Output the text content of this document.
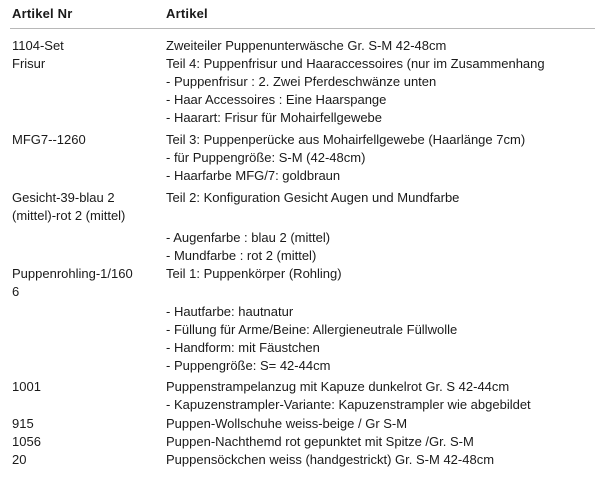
Artikel Nr	Artikel
1104-Set	Zweiteiler Puppenunterwäsche Gr. S-M 42-48cm
Frisur	Teil 4: Puppenfrisur und Haaraccessoires (nur im Zusammenhang
- Puppenfrisur : 2. Zwei Pferdeschwänze unten
- Haar Accessoires : Eine Haarspange
- Haarart: Frisur für Mohairfellgewebe
MFG7--1260	Teil 3: Puppenperücke aus Mohairfellgewebe (Haarlänge 7cm)
- für Puppengröße: S-M (42-48cm)
- Haarfarbe MFG/7: goldbraun
Gesicht-39-blau 2	Teil 2: Konfiguration Gesicht Augen und Mundfarbe
(mittel)-rot 2 (mittel)
- Augenfarbe : blau 2 (mittel)
- Mundfarbe : rot 2 (mittel)
Puppenrohling-1/160	Teil 1: Puppenkörper (Rohling)
6
- Hautfarbe: hautnatur
- Füllung für Arme/Beine: Allergieneutrale Füllwolle
- Handform: mit Fäustchen
- Puppengröße: S= 42-44cm
1001	Puppenstrampelanzug mit Kapuze dunkelrot Gr. S 42-44cm
- Kapuzenstrampler-Variante: Kapuzenstrampler wie abgebildet
915	Puppen-Wollschuhe weiss-beige / Gr S-M
1056	Puppen-Nachthemd rot gepunktet mit Spitze /Gr. S-M
20	Puppensöckchen weiss (handgestrickt) Gr. S-M 42-48cm
